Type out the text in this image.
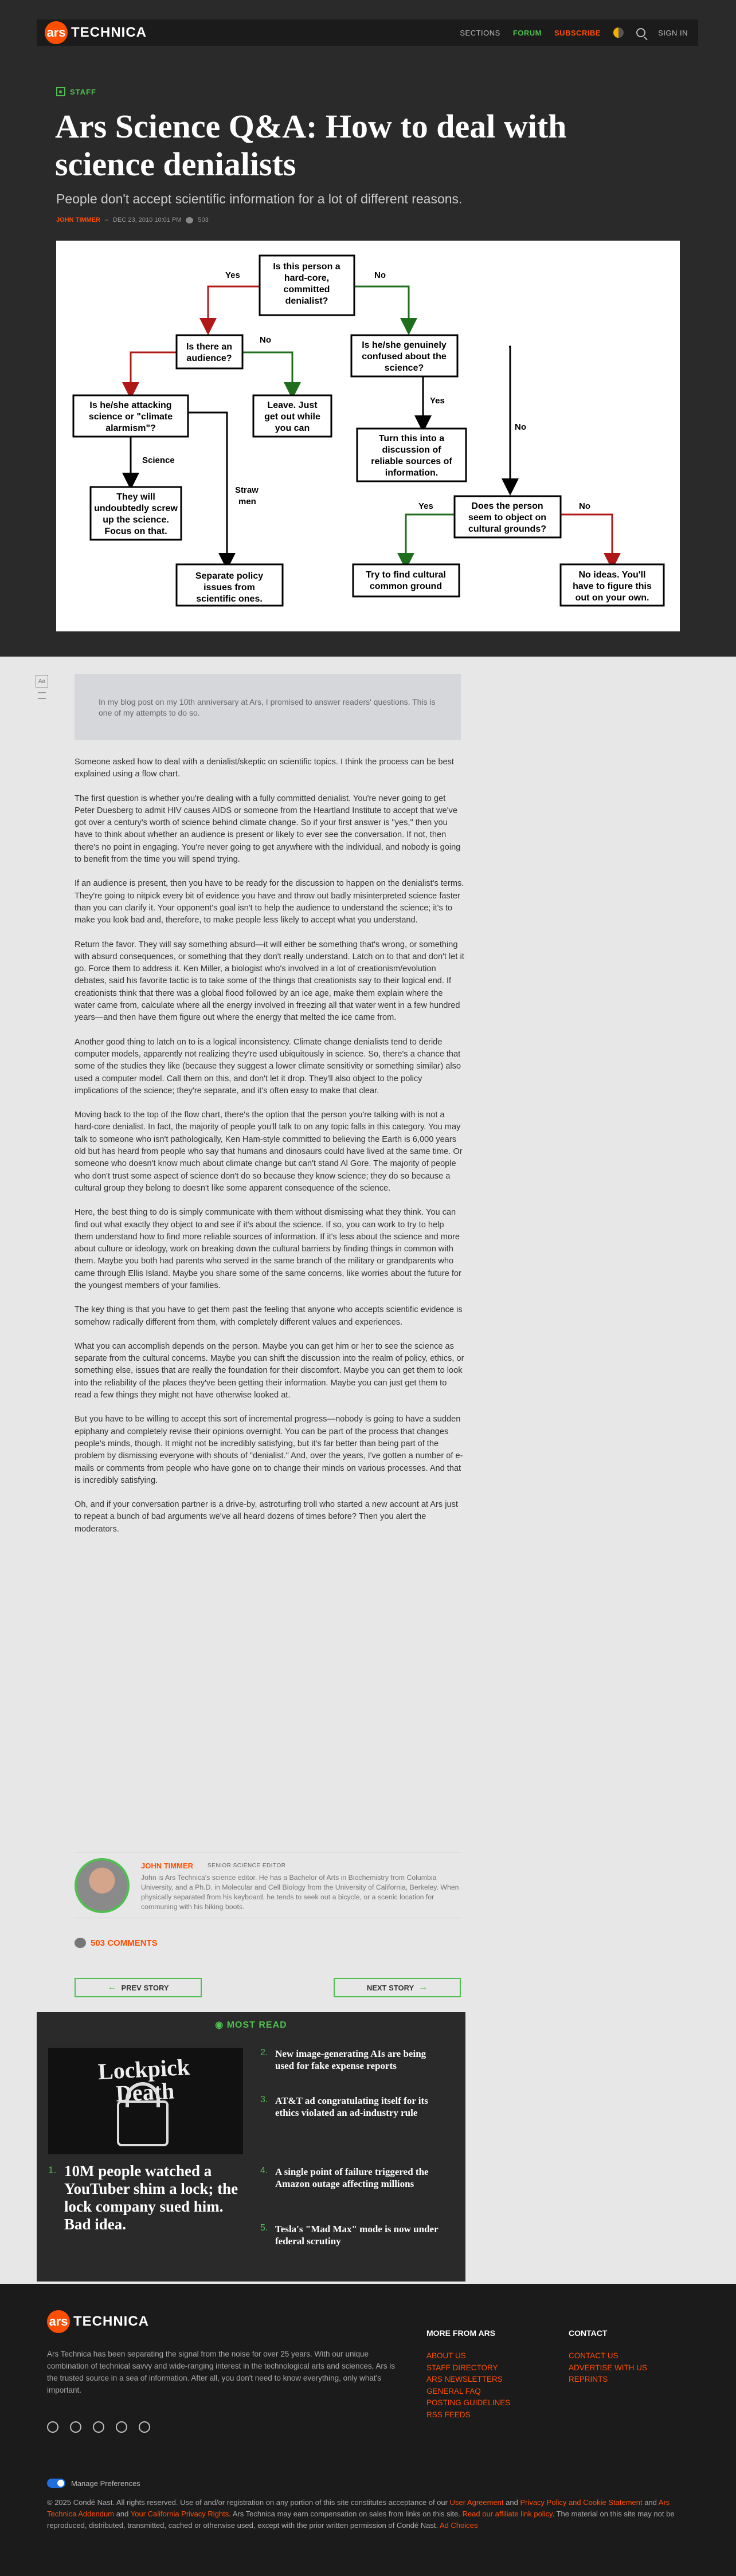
ars TECHNICA	SECTIONS FORUM SUBSCRIBE	SIGN IN
■ STAFF
Ars Science Q&A: How to deal with science denialists
People don't accept scientific information for a lot of different reasons.
JOHN TIMMER – DEC 23, 2010 10:01 PM	503
Is this person a
hard-core,
committed
denialist?
Is there an
audience?
Is he/she genuinely
confused about the
science?
Is he/she attacking
science or "climate
alarmism"?
Leave. Just
get out while
you can
They will
undoubtedly screw
up the science.
Focus on that.
Separate policy
issues from
scientific ones.
Turn this into a
discussion of
reliable sources of
information.
Does the person
seem to object on
cultural grounds?
Try to find cultural
common ground
No ideas. You'll
have to figure this
out on your own.
Yes	No
No
Science
Straw
men
Yes
No
Yes	No
Aa
In my blog post on my 10th anniversary at Ars, I promised to answer readers' questions. This is one of my attempts to do so.

Someone asked how to deal with a denialist/skeptic on scientific topics. I think the process can be best explained using a flow chart.

The first question is whether you're dealing with a fully committed denialist. You're never going to get Peter Duesberg to admit HIV causes AIDS or someone from the Heartland Institute to accept that we've got over a century's worth of science behind climate change. So if your first answer is "yes," then you have to think about whether an audience is present or likely to ever see the conversation. If not, then there's no point in engaging. You're never going to get anywhere with the individual, and nobody is going to benefit from the time you will spend trying.

If an audience is present, then you have to be ready for the discussion to happen on the denialist's terms. They're going to nitpick every bit of evidence you have and throw out badly misinterpreted science faster than you can clarify it. Your opponent's goal isn't to help the audience to understand the science; it's to make you look bad and, therefore, to make people less likely to accept what you understand.

Return the favor. They will say something absurd—it will either be something that's wrong, or something with absurd consequences, or something that they don't really understand. Latch on to that and don't let it go. Force them to address it. Ken Miller, a biologist who's involved in a lot of creationism/evolution debates, said his favorite tactic is to take some of the things that creationists say to their logical end. If creationists think that there was a global flood followed by an ice age, make them explain where the water came from, calculate where all the energy involved in freezing all that water went in a few hundred years—and then have them figure out where the energy that melted the ice came from.

Another good thing to latch on to is a logical inconsistency. Climate change denialists tend to deride computer models, apparently not realizing they're used ubiquitously in science. So, there's a chance that some of the studies they like (because they suggest a lower climate sensitivity or something similar) also used a computer model. Call them on this, and don't let it drop. They'll also object to the policy implications of the science; they're separate, and it's often easy to make that clear.

Moving back to the top of the flow chart, there's the option that the person you're talking with is not a hard-core denialist. In fact, the majority of people you'll talk to on any topic falls in this category. You may talk to someone who isn't pathologically, Ken Ham-style committed to believing the Earth is 6,000 years old but has heard from people who say that humans and dinosaurs could have lived at the same time. Or someone who doesn't know much about climate change but can't stand Al Gore. The majority of people who don't trust some aspect of science don't do so because they know science; they do so because a cultural group they belong to doesn't like some apparent consequence of the science.

Here, the best thing to do is simply communicate with them without dismissing what they think. You can find out what exactly they object to and see if it's about the science. If so, you can work to try to help them understand how to find more reliable sources of information. If it's less about the science and more about culture or ideology, work on breaking down the cultural barriers by finding things in common with them. Maybe you both had parents who served in the same branch of the military or grandparents who came through Ellis Island. Maybe you share some of the same concerns, like worries about the future for the youngest members of your families.

The key thing is that you have to get them past the feeling that anyone who accepts scientific evidence is somehow radically different from them, with completely different values and experiences.

What you can accomplish depends on the person. Maybe you can get him or her to see the science as separate from the cultural concerns. Maybe you can shift the discussion into the realm of policy, ethics, or something else, issues that are really the foundation for their discomfort. Maybe you can get them to look into the reliability of the places they've been getting their information. Maybe you can just get them to read a few things they might not have otherwise looked at.

But you have to be willing to accept this sort of incremental progress—nobody is going to have a sudden epiphany and completely revise their opinions overnight. You can be part of the process that changes people's minds, though. It might not be incredibly satisfying, but it's far better than being part of the problem by dismissing everyone with shouts of "denialist." And, over the years, I've gotten a number of e-mails or comments from people who have gone on to change their minds on various processes. And that is incredibly satisfying.

Oh, and if your conversation partner is a drive-by, astroturfing troll who started a new account at Ars just to repeat a bunch of bad arguments we've all heard dozens of times before? Then you alert the moderators.

JOHN TIMMER	SENIOR SCIENCE EDITOR
John is Ars Technica's science editor. He has a Bachelor of Arts in Biochemistry from Columbia University, and a Ph.D. in Molecular and Cell Biology from the University of California, Berkeley. When physically separated from his keyboard, he tends to seek out a bicycle, or a scenic location for communing with his hiking boots.
503 COMMENTS
← PREV STORY	NEXT STORY →
◉ MOST READ
Lockpick Death
1. 10M people watched a YouTuber shim a lock; the lock company sued him. Bad idea.
2. New image-generating AIs are being used for fake expense reports
3. AT&T ad congratulating itself for its ethics violated an ad-industry rule
4. A single point of failure triggered the Amazon outage affecting millions
5. Tesla's "Mad Max" mode is now under federal scrutiny
ars TECHNICA
Ars Technica has been separating the signal from the noise for over 25 years. With our unique combination of technical savvy and wide-ranging interest in the technological arts and sciences, Ars is the trusted source in a sea of information. After all, you don't need to know everything, only what's important.
MORE FROM ARS
ABOUT US
STAFF DIRECTORY
ARS NEWSLETTERS
GENERAL FAQ
POSTING GUIDELINES
RSS FEEDS
CONTACT
CONTACT US
ADVERTISE WITH US
REPRINTS
Manage Preferences
© 2025 Condé Nast. All rights reserved. Use of and/or registration on any portion of this site constitutes acceptance of our User Agreement and Privacy Policy and Cookie Statement and Ars Technica Addendum and Your California Privacy Rights. Ars Technica may earn compensation on sales from links on this site. Read our affiliate link policy. The material on this site may not be reproduced, distributed, transmitted, cached or otherwise used, except with the prior written permission of Condé Nast. Ad Choices
